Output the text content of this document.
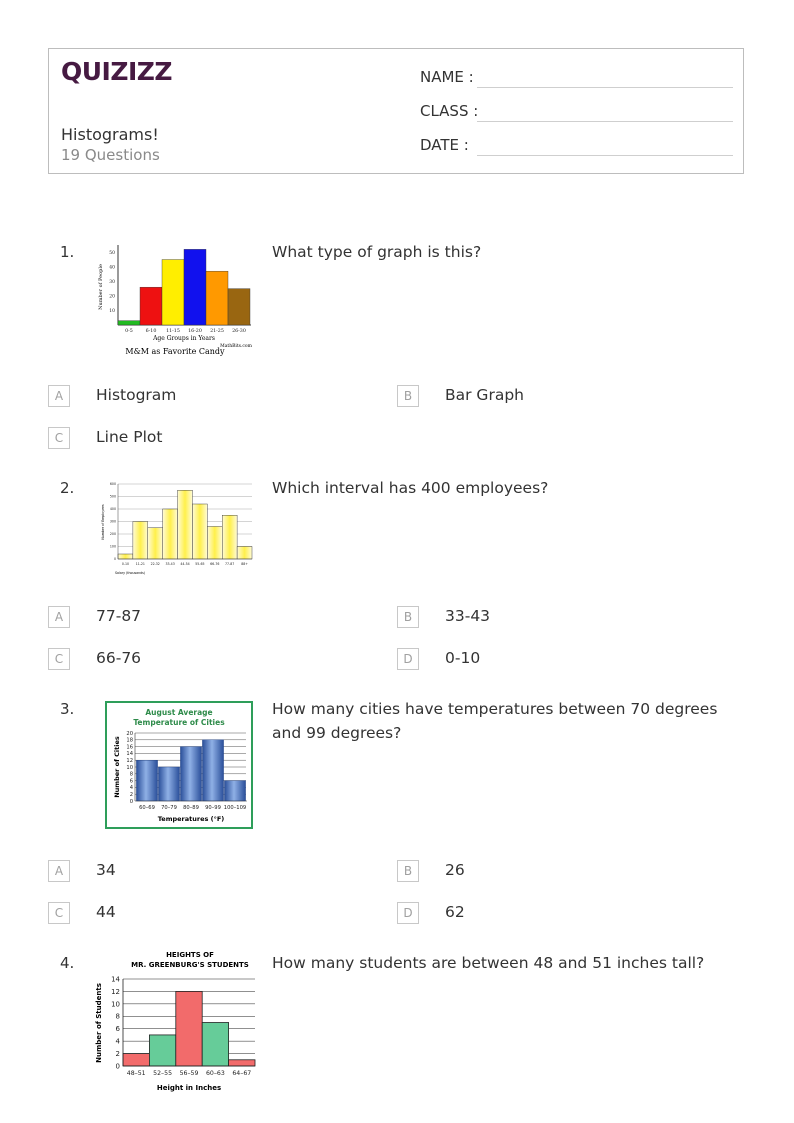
QUIZIZZ
Histograms!
19 Questions
NAME :
CLASS :
DATE :
1.	What type of graph is this?
10
20
30
40
50
0-5	6-10 11-15 16-20 21-25 26-30
Number of People
Age Groups in Years
MathBits.com
M&M as Favorite Candy
A	Histogram	B	Bar Graph
C	Line Plot
2.	Which interval has 400 employees?
0
100
200
300
400
500
600
0-10 11-21 22-32 33-43 44-54 55-65 66-76 77-87 88+
Number of Employees
Salary (thousands)
A	77-87	B	33-43
C	66-76	D	0-10
3.	How many cities have temperatures between 70 degrees and 99 degrees?
August Average
Temperature of Cities
0
2
4
6
8
10
12
14
16
18
20
60–69 70–79 80–89 90–99 100–109
Number of Cities
Temperatures (°F)
A	34	B	26
C	44	D	62
4.	How many students are between 48 and 51 inches tall?
HEIGHTS OF
MR. GREENBURG'S STUDENTS
0
2
4
6
8
10
12
14
48–51 52–55 56–59 60–63 64–67
Number of Students
Height in Inches
